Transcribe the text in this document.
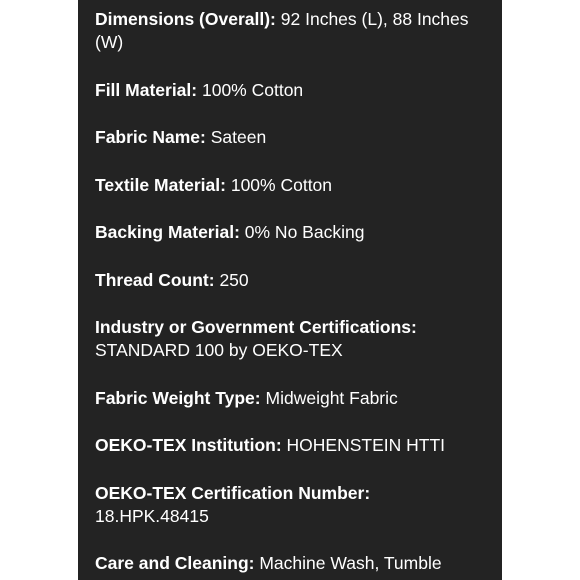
Dimensions (Overall): 92 Inches (L), 88 Inches (W)
Fill Material: 100% Cotton
Fabric Name: Sateen
Textile Material: 100% Cotton
Backing Material: 0% No Backing
Thread Count: 250
Industry or Government Certifications: STANDARD 100 by OEKO-TEX
Fabric Weight Type: Midweight Fabric
OEKO-TEX Institution: HOHENSTEIN HTTI
OEKO-TEX Certification Number: 18.HPK.48415
Care and Cleaning: Machine Wash, Tumble
